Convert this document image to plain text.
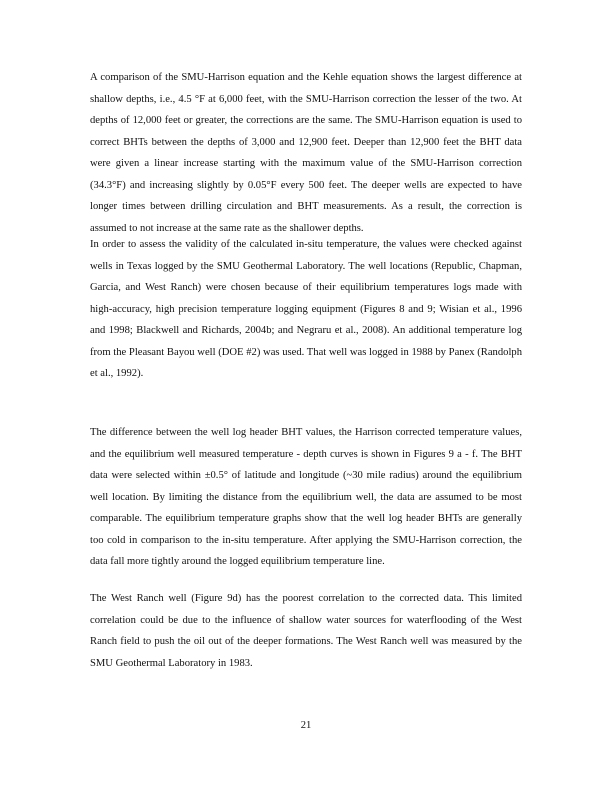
A comparison of the SMU-Harrison equation and the Kehle equation shows the largest difference at shallow depths, i.e., 4.5 °F at 6,000 feet, with the SMU-Harrison correction the lesser of the two. At depths of 12,000 feet or greater, the corrections are the same. The SMU-Harrison equation is used to correct BHTs between the depths of 3,000 and 12,900 feet. Deeper than 12,900 feet the BHT data were given a linear increase starting with the maximum value of the SMU-Harrison correction (34.3°F) and increasing slightly by 0.05°F every 500 feet. The deeper wells are expected to have longer times between drilling circulation and BHT measurements. As a result, the correction is assumed to not increase at the same rate as the shallower depths.

In order to assess the validity of the calculated in-situ temperature, the values were checked against wells in Texas logged by the SMU Geothermal Laboratory. The well locations (Republic, Chapman, Garcia, and West Ranch) were chosen because of their equilibrium temperatures logs made with high-accuracy, high precision temperature logging equipment (Figures 8 and 9; Wisian et al., 1996 and 1998; Blackwell and Richards, 2004b; and Negraru et al., 2008). An additional temperature log from the Pleasant Bayou well (DOE #2) was used. That well was logged in 1988 by Panex (Randolph et al., 1992).

The difference between the well log header BHT values, the Harrison corrected temperature values, and the equilibrium well measured temperature - depth curves is shown in Figures 9 a - f. The BHT data were selected within ±0.5° of latitude and longitude (~30 mile radius) around the equilibrium well location. By limiting the distance from the equilibrium well, the data are assumed to be most comparable. The equilibrium temperature graphs show that the well log header BHTs are generally too cold in comparison to the in-situ temperature. After applying the SMU-Harrison correction, the data fall more tightly around the logged equilibrium temperature line.

The West Ranch well (Figure 9d) has the poorest correlation to the corrected data. This limited correlation could be due to the influence of shallow water sources for waterflooding of the West Ranch field to push the oil out of the deeper formations. The West Ranch well was measured by the SMU Geothermal Laboratory in 1983.

21
